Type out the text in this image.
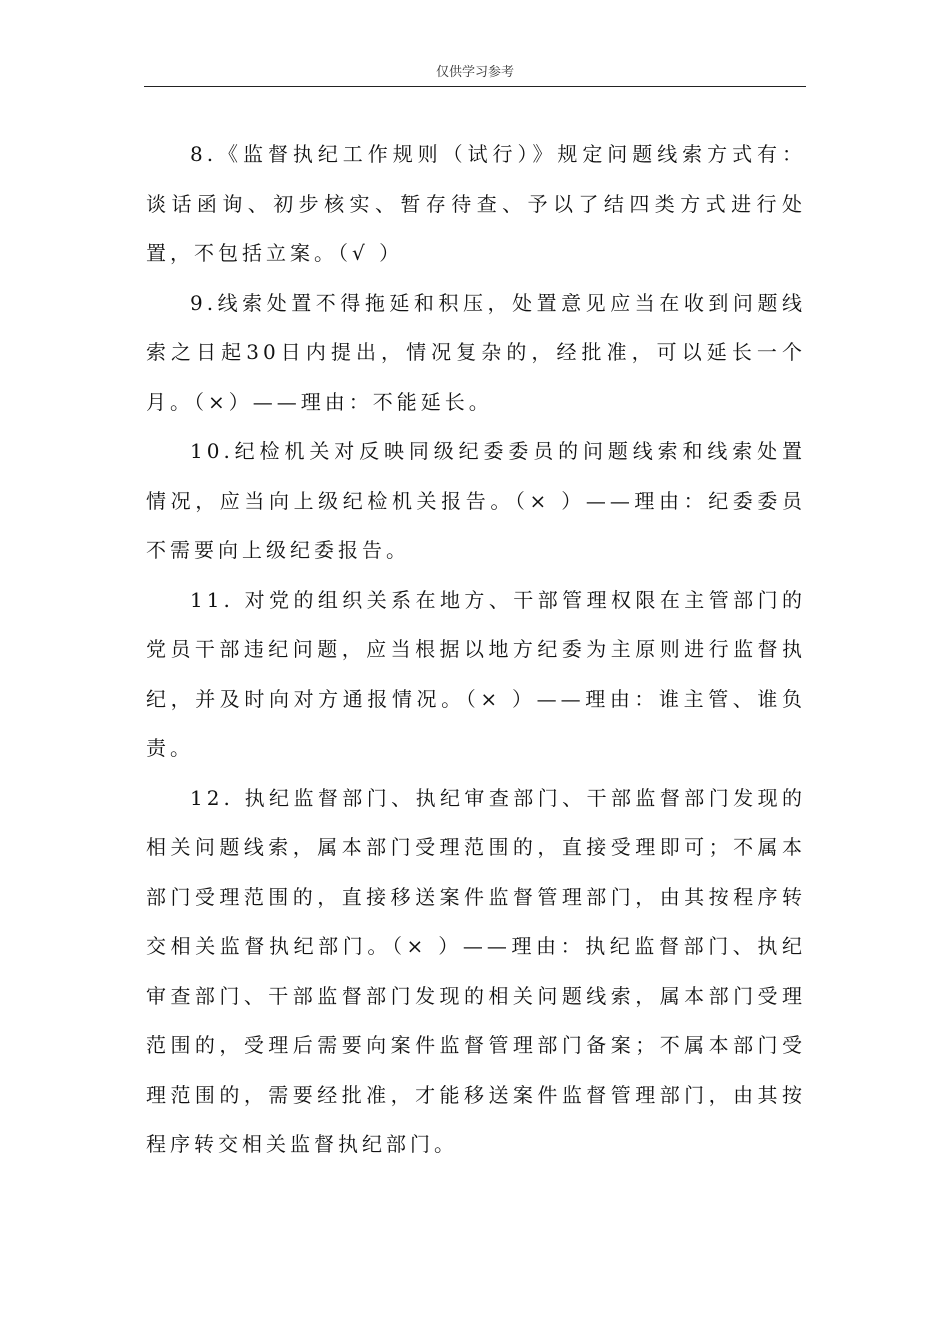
仅供学习参考

8.《监督执纪工作规则（试行）》规定问题线索方式有：谈话函询、初步核实、暂存待查、予以了结四类方式进行处置，不包括立案。（√ ）

9.线索处置不得拖延和积压，处置意见应当在收到问题线索之日起30日内提出，情况复杂的，经批准，可以延长一个月。（×）——理由：不能延长。

10.纪检机关对反映同级纪委委员的问题线索和线索处置情况，应当向上级纪检机关报告。（× ）——理由：纪委委员不需要向上级纪委报告。

11. 对党的组织关系在地方、干部管理权限在主管部门的党员干部违纪问题，应当根据以地方纪委为主原则进行监督执纪，并及时向对方通报情况。（× ）——理由：谁主管、谁负责。

12. 执纪监督部门、执纪审查部门、干部监督部门发现的相关问题线索，属本部门受理范围的，直接受理即可；不属本部门受理范围的，直接移送案件监督管理部门，由其按程序转交相关监督执纪部门。（× ）——理由：执纪监督部门、执纪审查部门、干部监督部门发现的相关问题线索，属本部门受理范围的，受理后需要向案件监督管理部门备案；不属本部门受理范围的，需要经批准，才能移送案件监督管理部门，由其按程序转交相关监督执纪部门。
